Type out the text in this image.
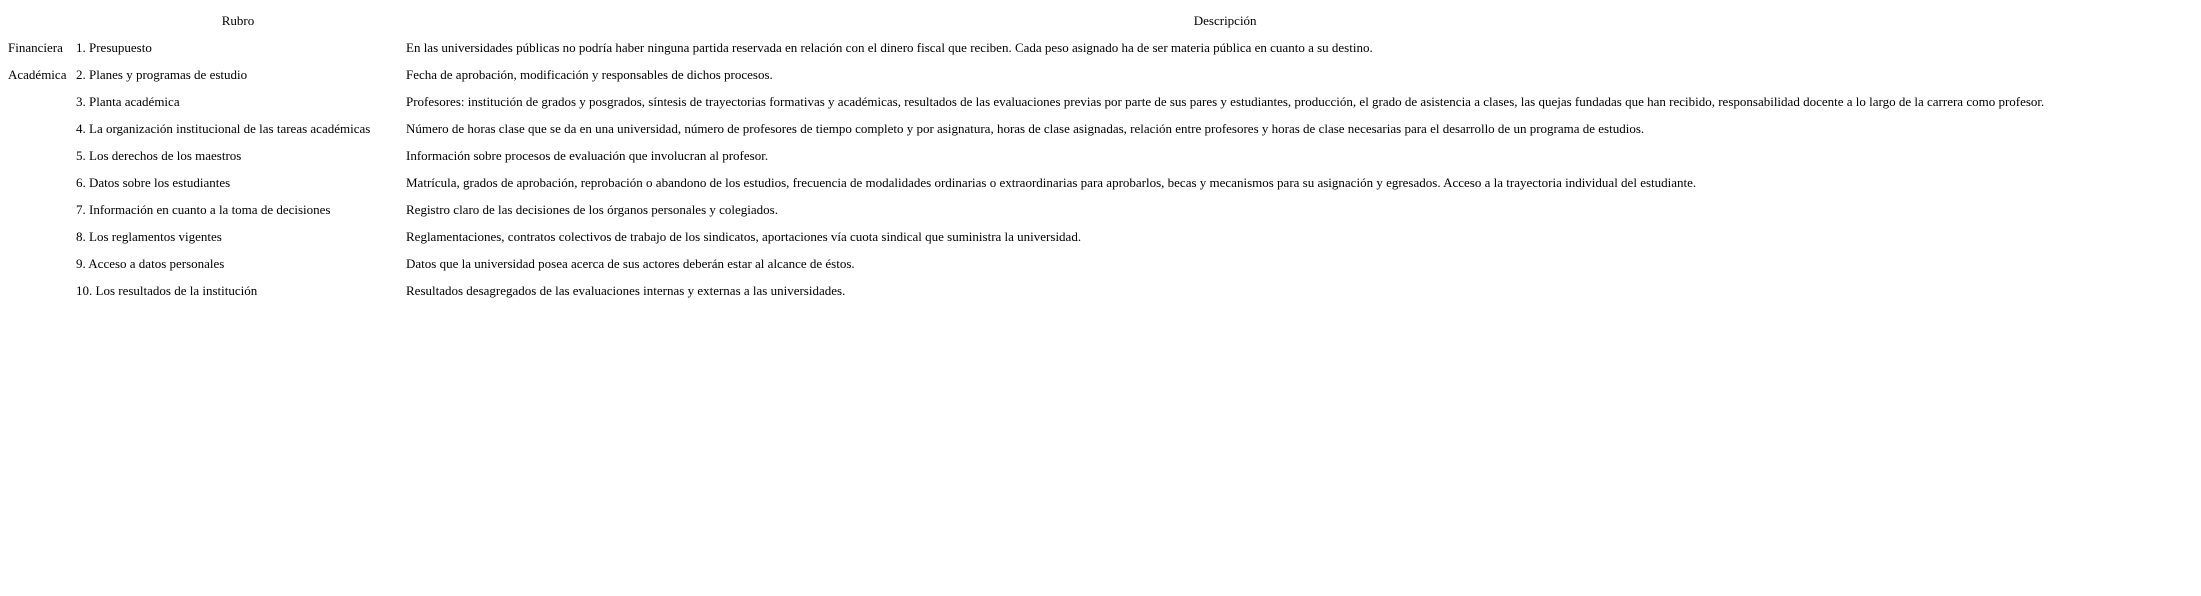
	Rubro	Descripción
Financiera	1. Presupuesto	En las universidades públicas no podría haber ninguna partida reservada en relación con el dinero fiscal que reciben. Cada peso asignado ha de ser materia pública en cuanto a su destino.
Académica	2. Planes y programas de estudio	Fecha de aprobación, modificación y responsables de dichos procesos.
	3. Planta académica	Profesores: institución de grados y posgrados, síntesis de trayectorias formativas y académicas, resultados de las evaluaciones previas por parte de sus pares y estudiantes, producción, el grado de asistencia a clases, las quejas fundadas que han recibido, responsabilidad docente a lo largo de la carrera como profesor.
	4. La organización institucional de las tareas académicas	Número de horas clase que se da en una universidad, número de profesores de tiempo completo y por asignatura, horas de clase asignadas, relación entre profesores y horas de clase necesarias para el desarrollo de un programa de estudios.
	5. Los derechos de los maestros	Información sobre procesos de evaluación que involucran al profesor.
	6. Datos sobre los estudiantes	Matrícula, grados de aprobación, reprobación o abandono de los estudios, frecuencia de modalidades ordinarias o extraordinarias para aprobarlos, becas y mecanismos para su asignación y egresados. Acceso a la trayectoria individual del estudiante.
	7. Información en cuanto a la toma de decisiones	Registro claro de las decisiones de los órganos personales y colegiados.
	8. Los reglamentos vigentes	Reglamentaciones, contratos colectivos de trabajo de los sindicatos, aportaciones vía cuota sindical que suministra la universidad.
	9. Acceso a datos personales	Datos que la universidad posea acerca de sus actores deberán estar al alcance de éstos.
	10. Los resultados de la institución	Resultados desagregados de las evaluaciones internas y externas a las universidades.
